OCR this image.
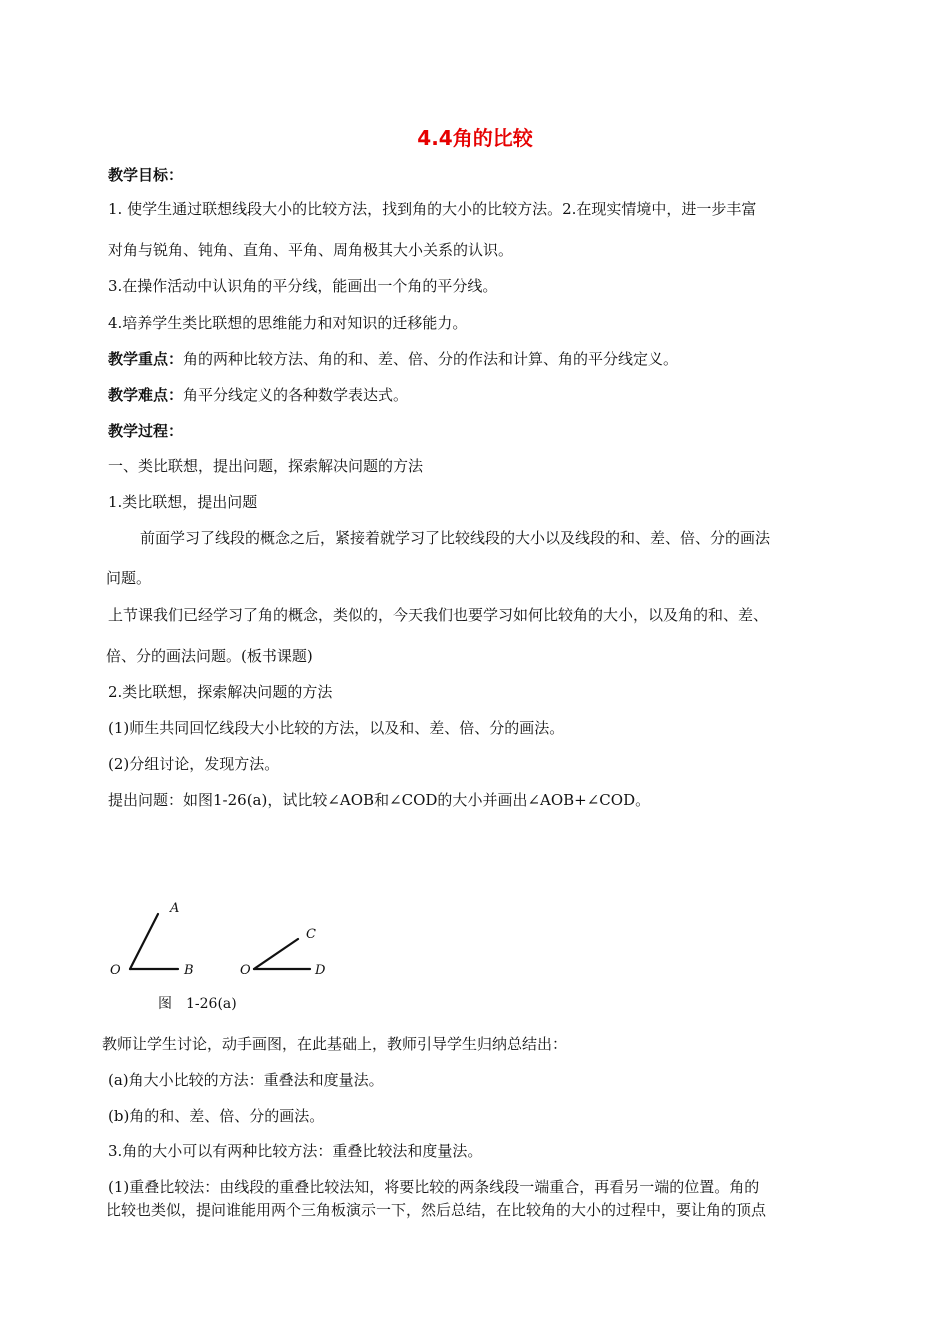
4.4角的比较
教学目标：
1. 使学生通过联想线段大小的比较方法，找到角的大小的比较方法。2.在现实情境中，进一步丰富
对角与锐角、钝角、直角、平角、周角极其大小关系的认识。
3.在操作活动中认识角的平分线，能画出一个角的平分线。
4.培养学生类比联想的思维能力和对知识的迁移能力。
教学重点：角的两种比较方法、角的和、差、倍、分的作法和计算、角的平分线定义。
教学难点：角平分线定义的各种数学表达式。
教学过程：
一、类比联想，提出问题，探索解决问题的方法
1.类比联想，提出问题
前面学习了线段的概念之后，紧接着就学习了比较线段的大小以及线段的和、差、倍、分的画法
问题。
上节课我们已经学习了角的概念，类似的，今天我们也要学习如何比较角的大小，以及角的和、差、
倍、分的画法问题。(板书课题)
2.类比联想，探索解决问题的方法
(1)师生共同回忆线段大小比较的方法，以及和、差、倍、分的画法。
(2)分组讨论，发现方法。
提出问题：如图1-26(a)，试比较∠AOB和∠COD的大小并画出∠AOB+∠COD。
A
O	B
C
O	D
图　1-26(a)
教师让学生讨论，动手画图，在此基础上，教师引导学生归纳总结出：
(a)角大小比较的方法：重叠法和度量法。
(b)角的和、差、倍、分的画法。
3.角的大小可以有两种比较方法：重叠比较法和度量法。
(1)重叠比较法：由线段的重叠比较法知，将要比较的两条线段一端重合，再看另一端的位置。角的
比较也类似，提问谁能用两个三角板演示一下，然后总结，在比较角的大小的过程中，要让角的顶点
